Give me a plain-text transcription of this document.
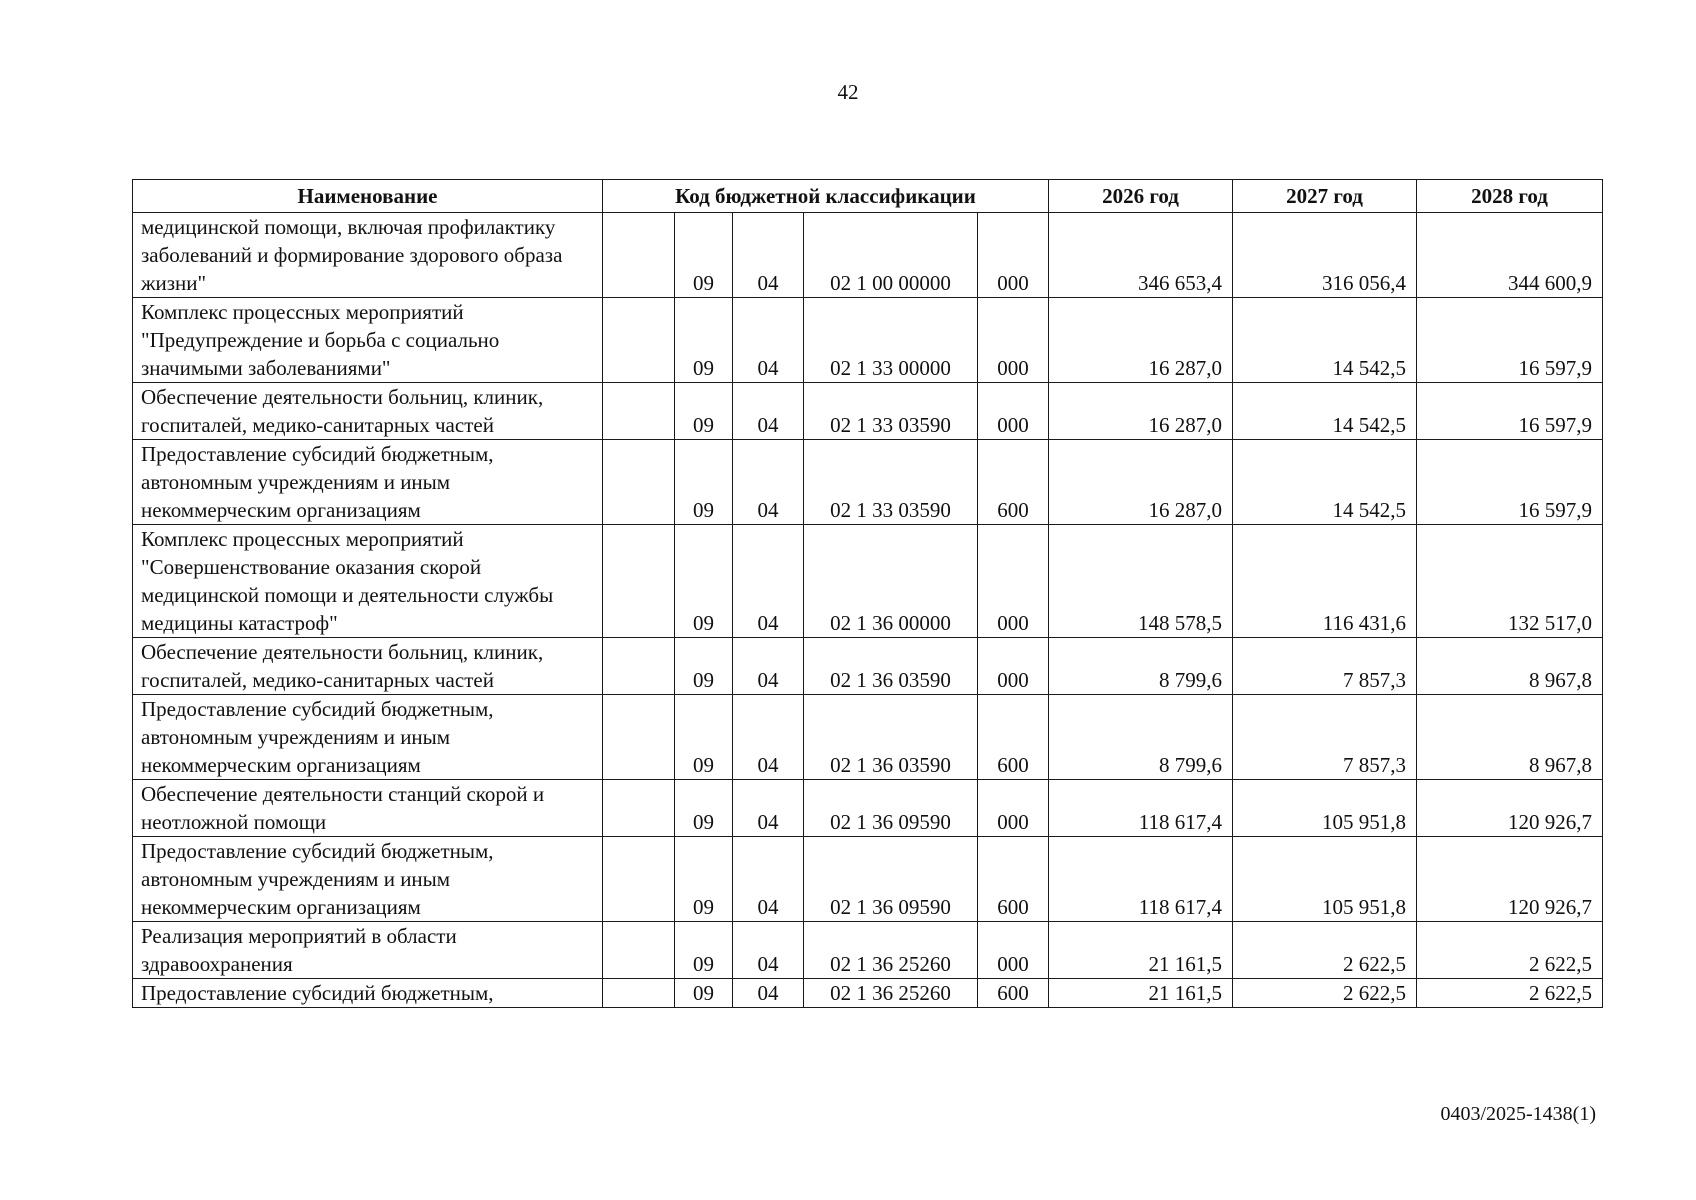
42
Наименование	Код бюджетной классификации					2026 год	2027 год	2028 год
медицинской помощи, включая профилактику заболеваний и формирование здорового образа жизни"		09	04	02 1 00 00000	000	346 653,4	316 056,4	344 600,9
Комплекс процессных мероприятий "Предупреждение и борьба с социально значимыми заболеваниями"		09	04	02 1 33 00000	000	16 287,0	14 542,5	16 597,9
Обеспечение деятельности больниц, клиник, госпиталей, медико-санитарных частей		09	04	02 1 33 03590	000	16 287,0	14 542,5	16 597,9
Предоставление субсидий бюджетным, автономным учреждениям и иным некоммерческим организациям		09	04	02 1 33 03590	600	16 287,0	14 542,5	16 597,9
Комплекс процессных мероприятий "Совершенствование оказания скорой медицинской помощи и деятельности службы медицины катастроф"		09	04	02 1 36 00000	000	148 578,5	116 431,6	132 517,0
Обеспечение деятельности больниц, клиник, госпиталей, медико-санитарных частей		09	04	02 1 36 03590	000	8 799,6	7 857,3	8 967,8
Предоставление субсидий бюджетным, автономным учреждениям и иным некоммерческим организациям		09	04	02 1 36 03590	600	8 799,6	7 857,3	8 967,8
Обеспечение деятельности станций скорой и неотложной помощи		09	04	02 1 36 09590	000	118 617,4	105 951,8	120 926,7
Предоставление субсидий бюджетным, автономным учреждениям и иным некоммерческим организациям		09	04	02 1 36 09590	600	118 617,4	105 951,8	120 926,7
Реализация мероприятий в области здравоохранения		09	04	02 1 36 25260	000	21 161,5	2 622,5	2 622,5
Предоставление субсидий бюджетным,		09	04	02 1 36 25260	600	21 161,5	2 622,5	2 622,5
0403/2025-1438(1)
